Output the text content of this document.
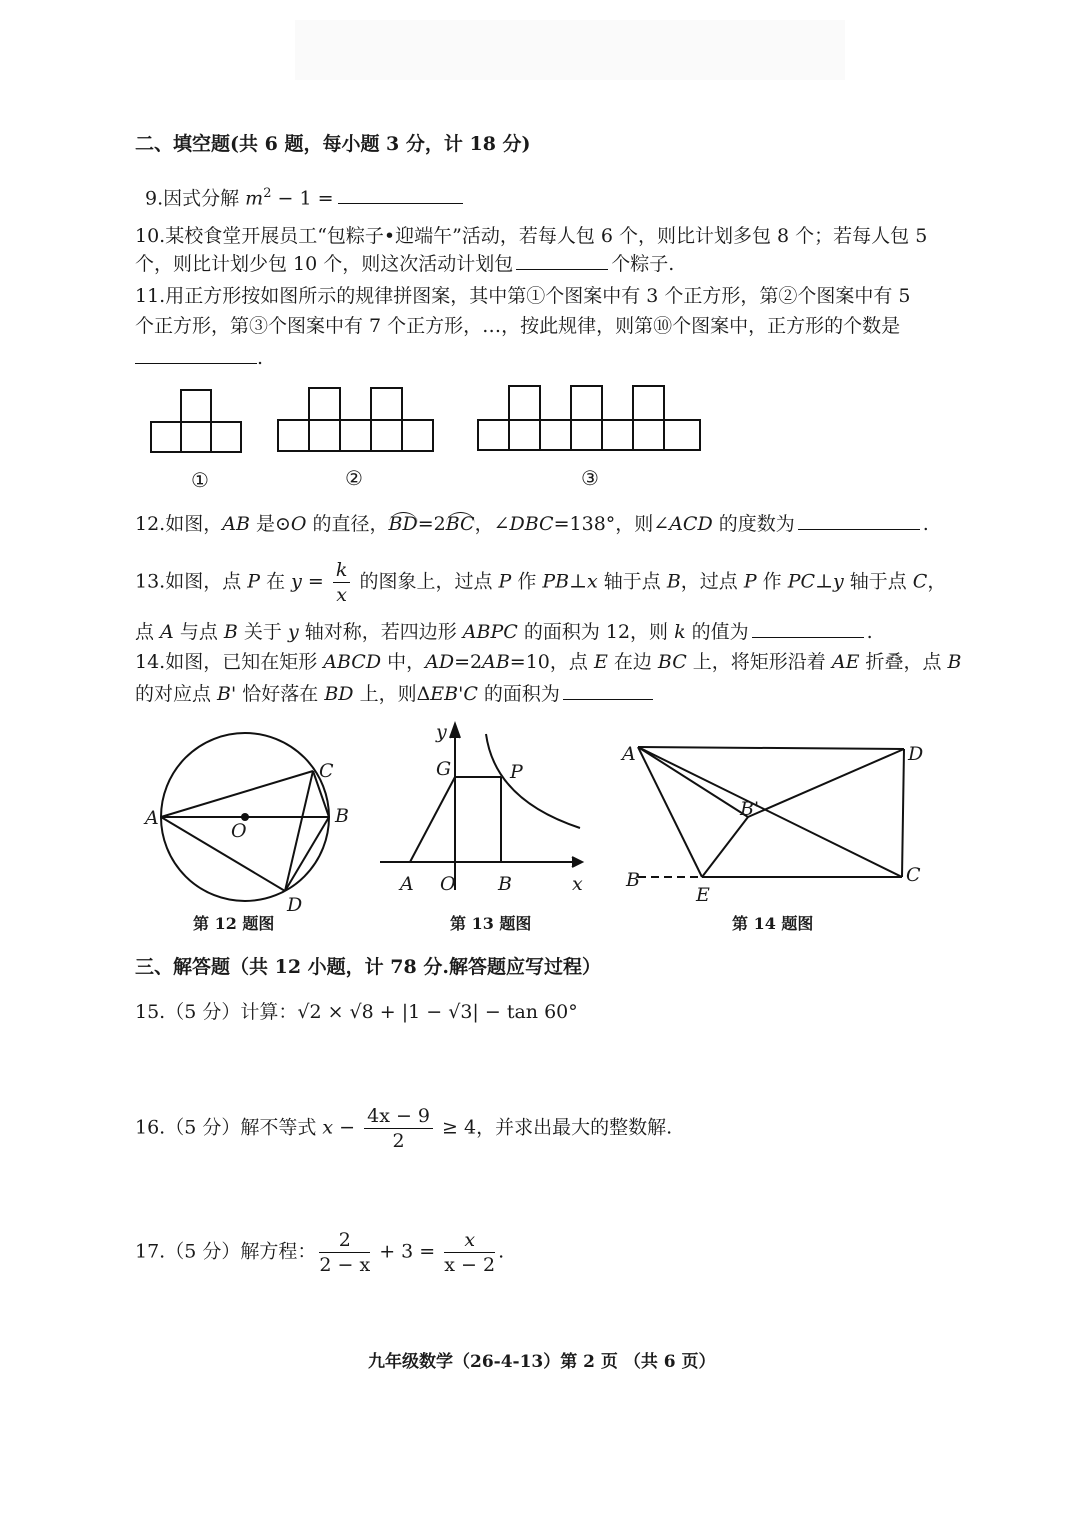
二、填空题(共 6 题，每小题 3 分，计 18 分)
9.因式分解 $m^2 - 1$ =
10.某校食堂开展员工“包粽子•迎端午”活动，若每人包 6 个，则比计划多包 8 个；若每人包 5
个，则比计划少包 10 个，则这次活动计划包	个粽子.
11.用正方形按如图所示的规律拼图案，其中第①个图案中有 3 个正方形，第②个图案中有 5
个正方形，第③个图案中有 7 个正方形，…，按此规律，则第⑩个图案中，正方形的个数是
.
①	②	③
12.如图，AB 是⊙O 的直径，BD=2BC，∠DBC=138°，则∠ACD 的度数为	.
13.如图，点 P 在 $y = \frac{k}{x}$ 的图象上，过点 P 作 PB⊥x 轴于点 B，过点 P 作 PC⊥y 轴于点 C，
点 A 与点 B 关于 y 轴对称，若四边形 ABPC 的面积为 12，则 k 的值为	.
14.如图，已知在矩形 ABCD 中，AD=2AB=10，点 E 在边 BC 上，将矩形沿着 AE 折叠，点 B
的对应点 B' 恰好落在 BD 上，则ΔEB'C 的面积为
A	B
C
D
O
第 12 题图
A O B	x
y
G	P
第 13 题图
A	D
B	C
E
B'
第 14 题图
三、解答题（共 12 小题，计 78 分.解答题应写过程）
15.（5 分）计算：√2 × √8 + |1 − √3| − tan 60°
16.（5 分）解不等式 $x - \frac{4x - 9}{2} \ge 4$，并求出最大的整数解.
17.（5 分）解方程： $\frac{2}{2 - x} + 3 = \frac{x}{x - 2}$ .
九年级数学（26-4-13）第 2 页 （共 6 页）
